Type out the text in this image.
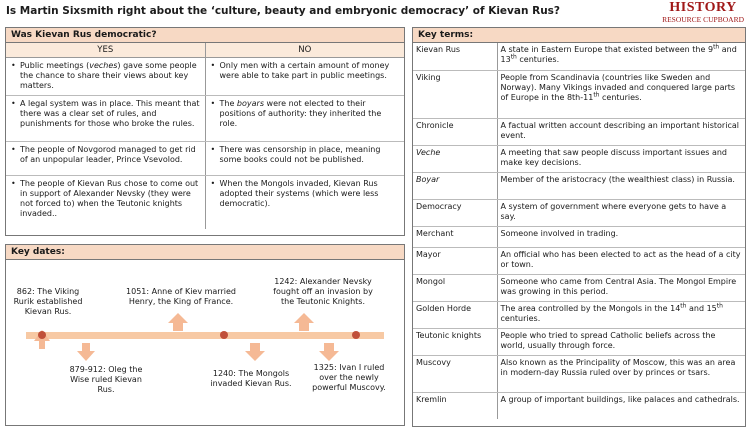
Is Martin Sixsmith right about the ‘culture, beauty and embryonic democracy’ of Kievan Rus?	HISTORY
RESOURCE CUPBOARD
Was Kievan Rus democratic?
YES	NO
• Public meetings (veches) gave some people the chance to share their views about key matters.	• Only men with a certain amount of money were able to take part in public meetings.
• A legal system was in place. This meant that there was a clear set of rules, and punishments for those who broke the rules.	• The boyars were not elected to their positions of authority: they inherited the role.
• The people of Novgorod managed to get rid of an unpopular leader, Prince Vsevolod.	• There was censorship in place, meaning some books could not be published.
• The people of Kievan Rus chose to come out in support of Alexander Nevsky (they were not forced to) when the Teutonic knights invaded..	• When the Mongols invaded, Kievan Rus adopted their systems (which were less democratic).
Key dates:
862: The Viking Rurik established Kievan Rus.
879-912: Oleg the Wise ruled Kievan Rus.
1051: Anne of Kiev married Henry, the King of France.
1240: The Mongols invaded Kievan Rus.
1242: Alexander Nevsky fought off an invasion by the Teutonic Knights.
1325: Ivan I ruled over the newly powerful Muscovy.
Key terms:
Kievan Rus	A state in Eastern Europe that existed between the 9th and 13th centuries.
Viking	People from Scandinavia (countries like Sweden and Norway). Many Vikings invaded and conquered large parts of Europe in the 8th-11th centuries.
Chronicle	A factual written account describing an important historical event.
Veche	A meeting that saw people discuss important issues and make key decisions.
Boyar	Member of the aristocracy (the wealthiest class) in Russia.
Democracy	A system of government where everyone gets to have a say.
Merchant	Someone involved in trading.
Mayor	An official who has been elected to act as the head of a city or town.
Mongol	Someone who came from Central Asia. The Mongol Empire was growing in this period.
Golden Horde	The area controlled by the Mongols in the 14th and 15th centuries.
Teutonic knights	People who tried to spread Catholic beliefs across the world, usually through force.
Muscovy	Also known as the Principality of Moscow, this was an area in modern-day Russia ruled over by princes or tsars.
Kremlin	A group of important buildings, like palaces and cathedrals.
